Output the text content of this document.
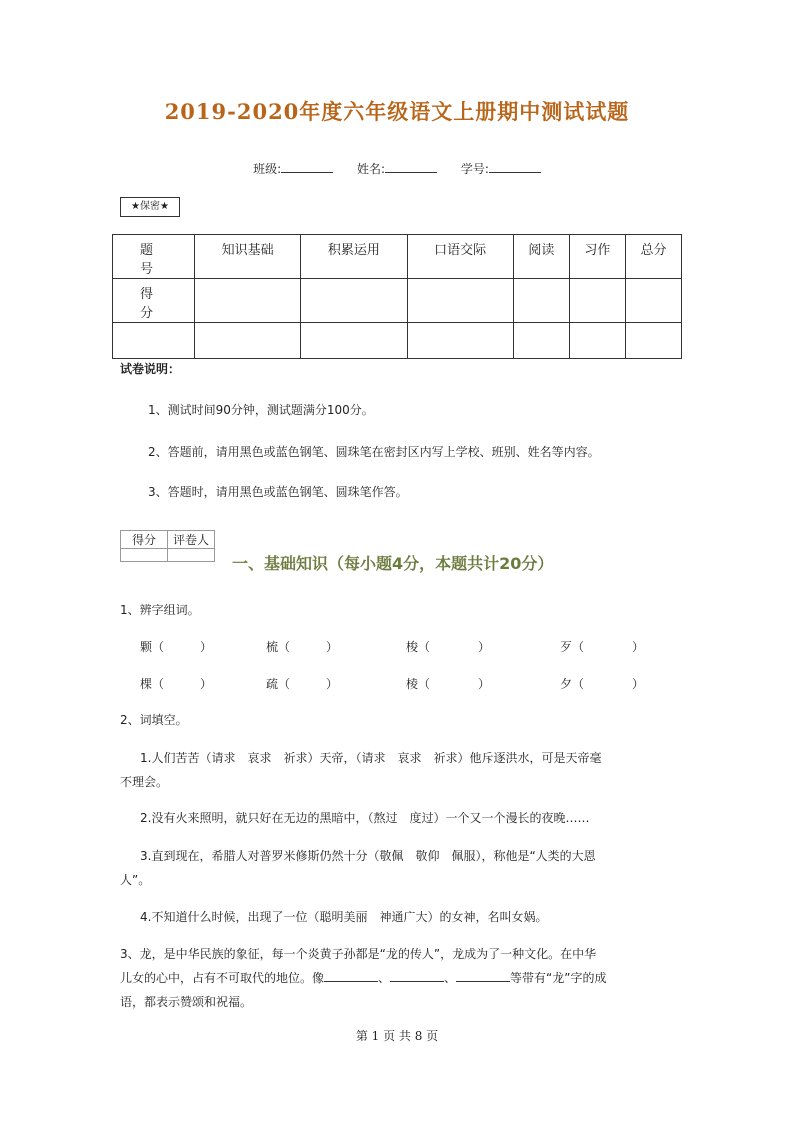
2019-2020年度六年级语文上册期中测试试题
班级:	姓名:	学号:
★保密★
题　号	知识基础	积累运用	口语交际	阅读	习作	总分
得　分						

试卷说明：
1、测试时间90分钟，测试题满分100分。
2、答题前，请用黑色或蓝色钢笔、圆珠笔在密封区内写上学校、班别、姓名等内容。
3、答题时，请用黑色或蓝色钢笔、圆珠笔作答。
得分	评卷人

一、基础知识（每小题4分，本题共计20分）
1、辨字组词。
颗（　　　）	梳（　　　）	梭（　　　　）	歹（　　　　）
棵（　　　）	疏（　　　）	棱（　　　　）	夕（　　　　）
2、词填空。
1.人们苦苦（请求　哀求　祈求）天帝，（请求　哀求　祈求）他斥逐洪水，可是天帝毫
不理会。
2.没有火来照明，就只好在无边的黑暗中，（熬过　度过）一个又一个漫长的夜晚……
3.直到现在，希腊人对普罗米修斯仍然十分（敬佩　敬仰　佩服），称他是“人类的大恩
人”。
4.不知道什么时候，出现了一位（聪明美丽　神通广大）的女神，名叫女娲。
3、龙，是中华民族的象征，每一个炎黄子孙都是“龙的传人”，龙成为了一种文化。在中华
儿女的心中，占有不可取代的地位。像	、	、	等带有“龙”字的成
语，都表示赞颂和祝福。
第 1 页 共 8 页
